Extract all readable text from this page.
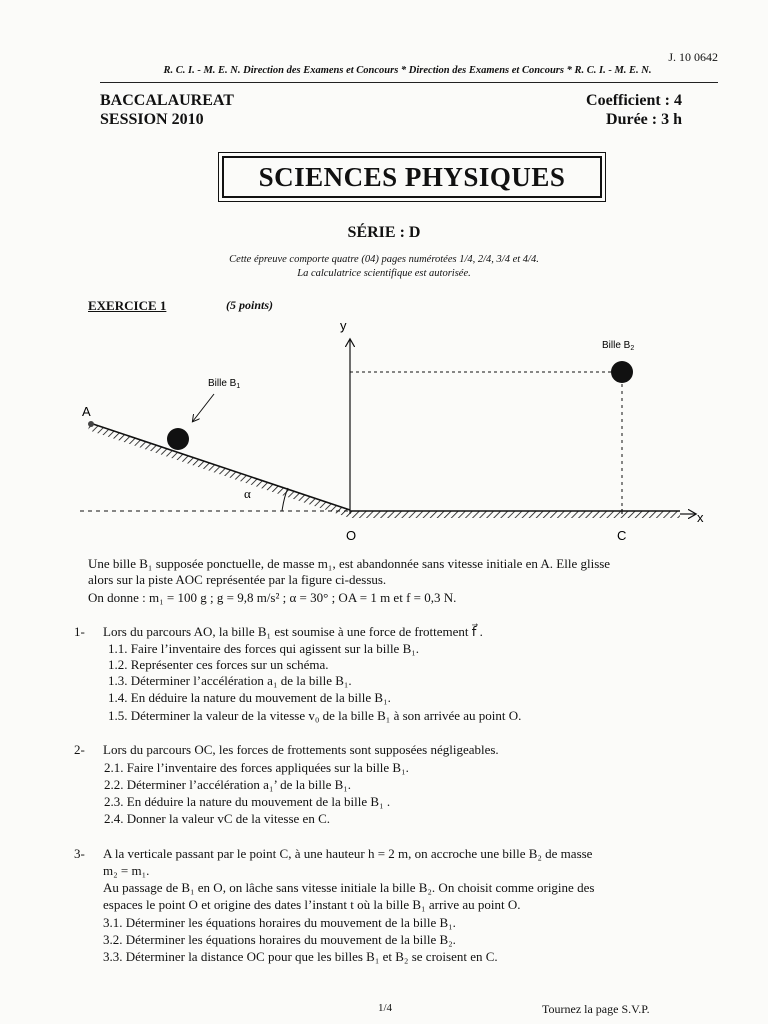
J. 10 0642
R. C. I. - M. E. N. Direction des Examens et Concours * Direction des Examens et Concours * R. C. I. - M. E. N.
BACCALAUREAT
SESSION 2010
Coefficient : 4
Durée : 3 h
SCIENCES PHYSIQUES
SÉRIE : D
Cette épreuve comporte quatre (04) pages numérotées 1/4, 2/4, 3/4 et 4/4.
La calculatrice scientifique est autorisée.
EXERCICE 1	(5 points)
y
x
A
O	C
α
Bille $B_1$
Bille $B_2$
Une bille B₁ supposée ponctuelle, de masse m₁, est abandonnée sans vitesse initiale en A. Elle glisse
alors sur la piste AOC représentée par la figure ci-dessus.
On donne : m₁ = 100 g ; g = 9,8 m/s² ; α = 30° ; OA = 1 m et f = 0,3 N.
1- Lors du parcours AO, la bille B₁ est soumise à une force de frottement f⃗ .
1.1. Faire l’inventaire des forces qui agissent sur la bille B₁.
1.2. Représenter ces forces sur un schéma.
1.3. Déterminer l’accélération a₁ de la bille B₁.
1.4. En déduire la nature du mouvement de la bille B₁.
1.5. Déterminer la valeur de la vitesse v₀ de la bille B₁ à son arrivée au point O.
2- Lors du parcours OC, les forces de frottements sont supposées négligeables.
2.1. Faire l’inventaire des forces appliquées sur la bille B₁.
2.2. Déterminer l’accélération a₁’ de la bille B₁.
2.3. En déduire la nature du mouvement de la bille B₁ .
2.4. Donner la valeur vC de la vitesse en C.
3- A la verticale passant par le point C, à une hauteur h = 2 m, on accroche une bille B₂ de masse
m₂ = m₁.
Au passage de B₁ en O, on lâche sans vitesse initiale la bille B₂. On choisit comme origine des
espaces le point O et origine des dates l’instant t où la bille B₁ arrive au point O.
3.1. Déterminer les équations horaires du mouvement de la bille B₁.
3.2. Déterminer les équations horaires du mouvement de la bille B₂.
3.3. Déterminer la distance OC pour que les billes B₁ et B₂ se croisent en C.
1/4	Tournez la page S.V.P.
